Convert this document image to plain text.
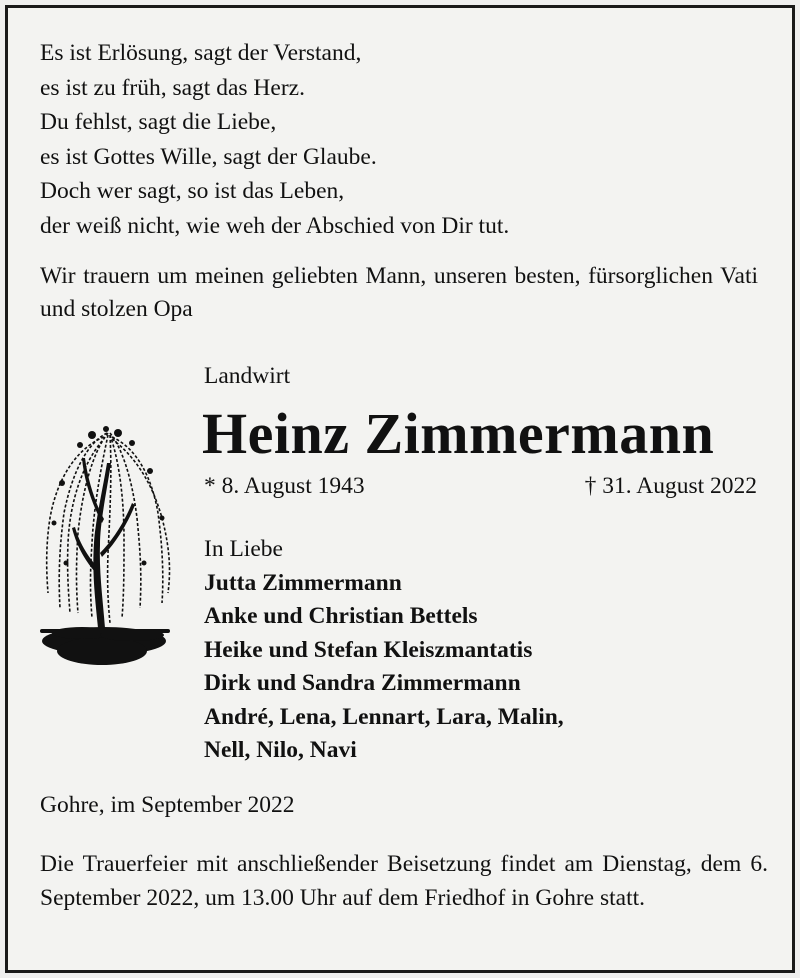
Es ist Erlösung, sagt der Verstand,
es ist zu früh, sagt das Herz.
Du fehlst, sagt die Liebe,
es ist Gottes Wille, sagt der Glaube.
Doch wer sagt, so ist das Leben,
der weiß nicht, wie weh der Abschied von Dir tut.
Wir trauern um meinen geliebten Mann, unseren besten, fürsorglichen Vati und stolzen Opa
Landwirt
Heinz Zimmermann
* 8. August 1943	† 31. August 2022
In Liebe
Jutta Zimmermann
Anke und Christian Bettels
Heike und Stefan Kleiszmantatis
Dirk und Sandra Zimmermann
André, Lena, Lennart, Lara, Malin,
Nell, Nilo, Navi
Gohre, im September 2022
Die Trauerfeier mit anschließender Beisetzung findet am Dienstag, dem 6. September 2022, um 13.00 Uhr auf dem Friedhof in Gohre statt.
